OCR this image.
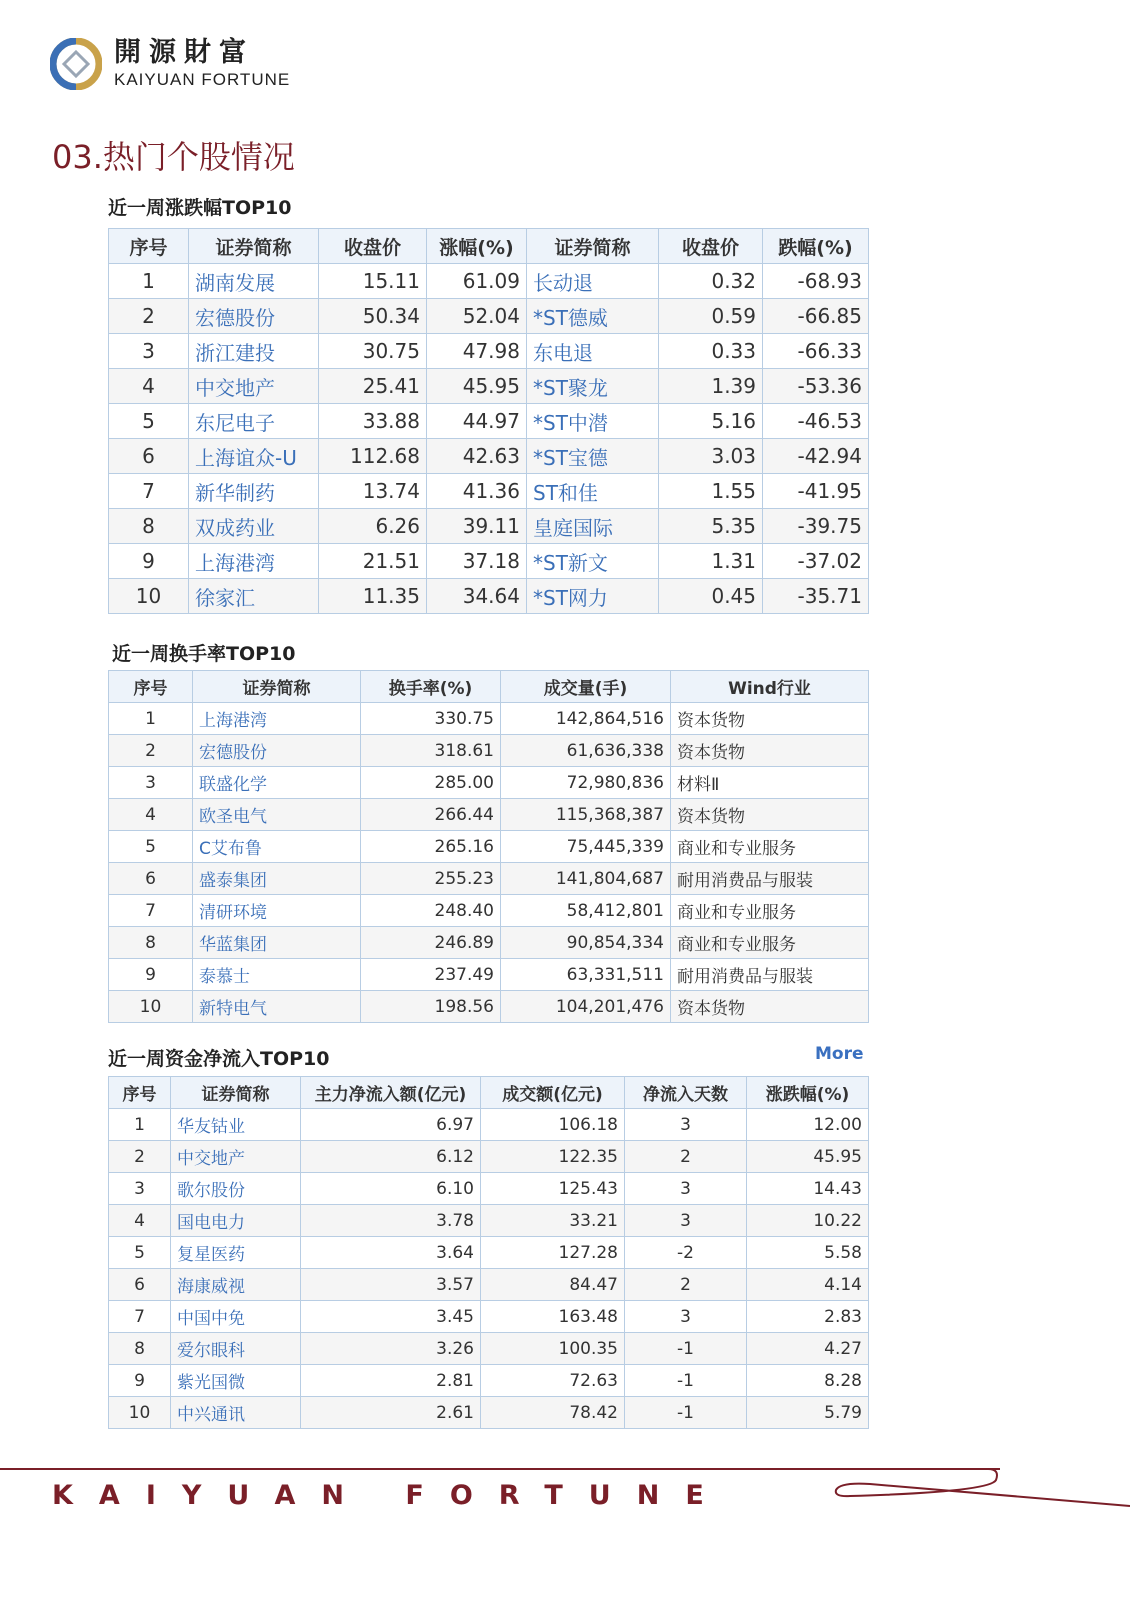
開源財富
KAIYUAN FORTUNE
03.热门个股情况
近一周涨跌幅TOP10
序号	证券简称	收盘价	涨幅(%)	证券简称	收盘价	跌幅(%)
1	湖南发展	15.11	61.09	长动退	0.32	-68.93
2	宏德股份	50.34	52.04	*ST德威	0.59	-66.85
3	浙江建投	30.75	47.98	东电退	0.33	-66.33
4	中交地产	25.41	45.95	*ST聚龙	1.39	-53.36
5	东尼电子	33.88	44.97	*ST中潜	5.16	-46.53
6	上海谊众-U	112.68	42.63	*ST宝德	3.03	-42.94
7	新华制药	13.74	41.36	ST和佳	1.55	-41.95
8	双成药业	6.26	39.11	皇庭国际	5.35	-39.75
9	上海港湾	21.51	37.18	*ST新文	1.31	-37.02
10	徐家汇	11.35	34.64	*ST网力	0.45	-35.71
近一周换手率TOP10
序号	证券简称	换手率(%)	成交量(手)	Wind行业
1	上海港湾	330.75	142,864,516	资本货物
2	宏德股份	318.61	61,636,338	资本货物
3	联盛化学	285.00	72,980,836	材料Ⅱ
4	欧圣电气	266.44	115,368,387	资本货物
5	C艾布鲁	265.16	75,445,339	商业和专业服务
6	盛泰集团	255.23	141,804,687	耐用消费品与服装
7	清研环境	248.40	58,412,801	商业和专业服务
8	华蓝集团	246.89	90,854,334	商业和专业服务
9	泰慕士	237.49	63,331,511	耐用消费品与服装
10	新特电气	198.56	104,201,476	资本货物
近一周资金净流入TOP10	More
序号	证券简称	主力净流入额(亿元)	成交额(亿元)	净流入天数	涨跌幅(%)
1	华友钴业	6.97	106.18	3	12.00
2	中交地产	6.12	122.35	2	45.95
3	歌尔股份	6.10	125.43	3	14.43
4	国电电力	3.78	33.21	3	10.22
5	复星医药	3.64	127.28	-2	5.58
6	海康威视	3.57	84.47	2	4.14
7	中国中免	3.45	163.48	3	2.83
8	爱尔眼科	3.26	100.35	-1	4.27
9	紫光国微	2.81	72.63	-1	8.28
10	中兴通讯	2.61	78.42	-1	5.79
KAIYUAN FORTUNE
